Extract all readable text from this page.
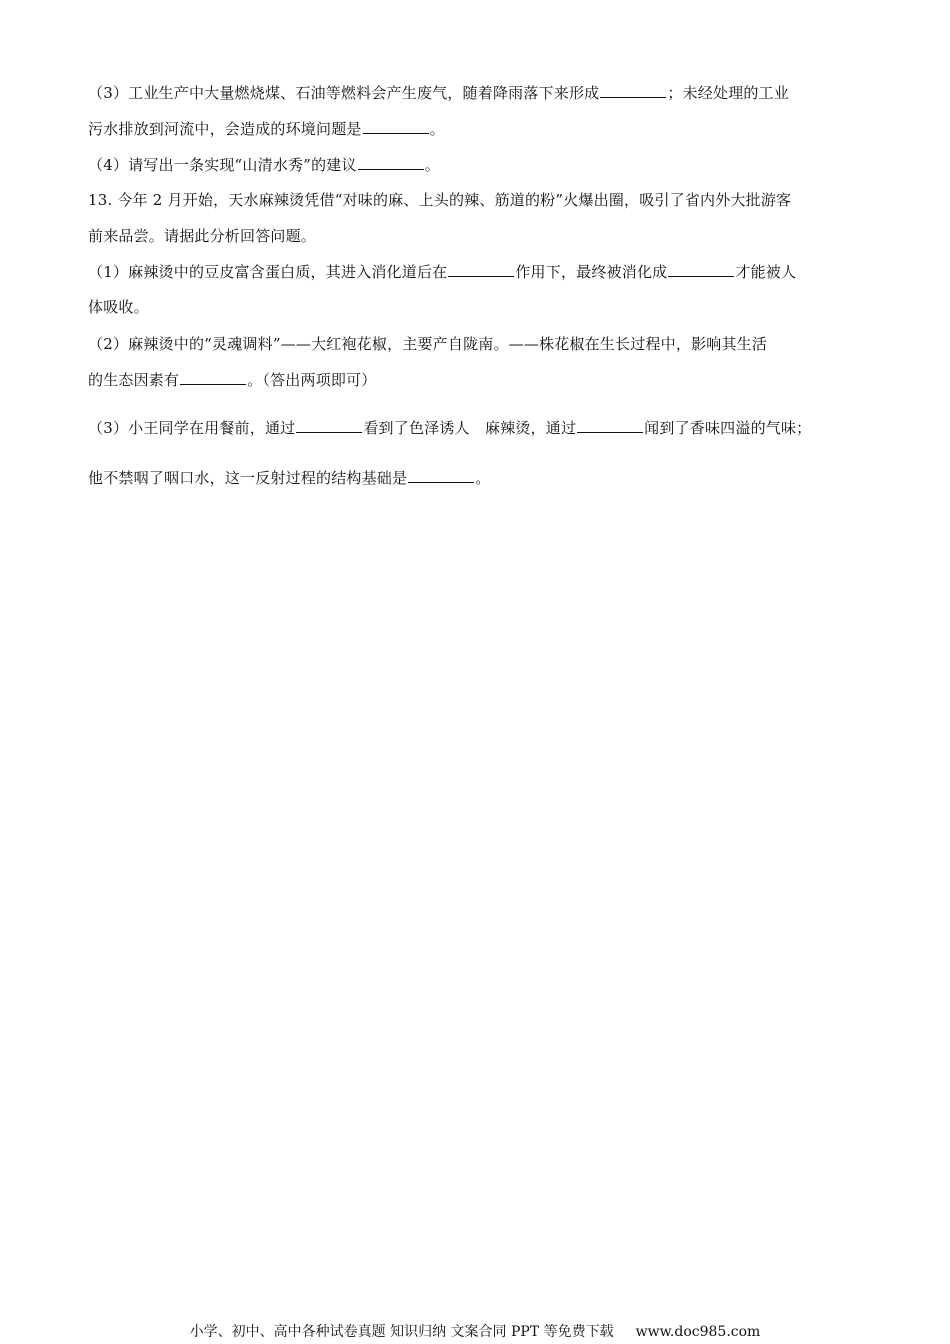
（3）工业生产中大量燃烧煤、石油等燃料会产生废气，随着降雨落下来形成	；未经处理的工业
污水排放到河流中，会造成的环境问题是	。
（4）请写出一条实现“山清水秀”的建议	。
13. 今年 2 月开始，天水麻辣烫凭借“对味的麻、上头的辣、筋道的粉”火爆出圈，吸引了省内外大批游客
前来品尝。请据此分析回答问题。
（1）麻辣烫中的豆皮富含蛋白质，其进入消化道后在	作用下，最终被消化成	才能被人
体吸收。
（2）麻辣烫中的“灵魂调料”——大红袍花椒，主要产自陇南。——株花椒在生长过程中，影响其生活
的生态因素有	。（答出两项即可）
（3）小王同学在用餐前，通过	看到了色泽诱人　麻辣烫，通过	闻到了香味四溢的气味；
他不禁咽了咽口水，这一反射过程的结构基础是	。
小学、初中、高中各种试卷真题 知识归纳 文案合同 PPT 等免费下载 www.doc985.com
